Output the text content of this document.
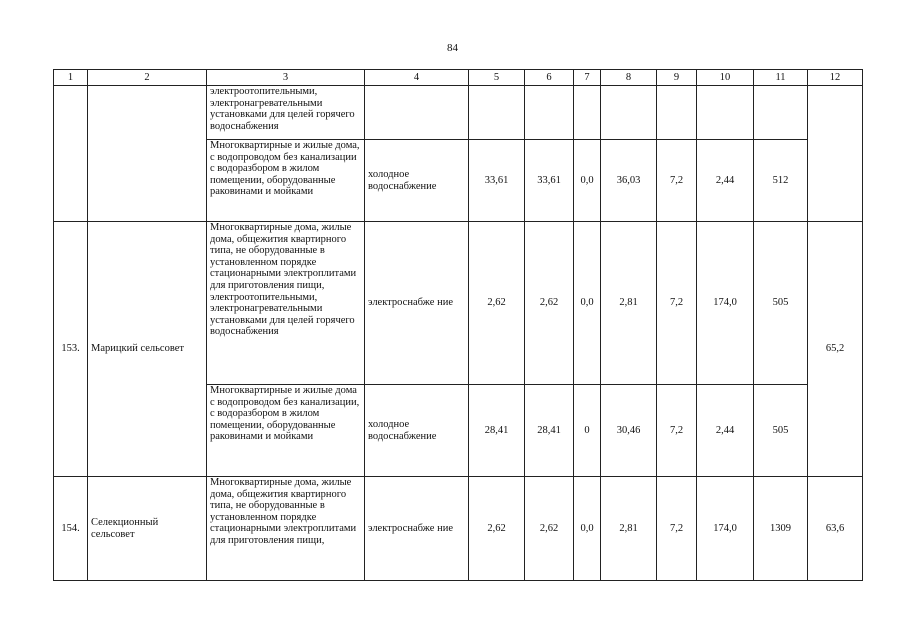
84
1	2	3	4	5	6	7	8	9	10	11	12
		электроотопительными, электронагревательными установками для целей горячего водоснабжения									
		Многоквартирные и жилые дома, с водопроводом без канализации с водоразбором в жилом помещении, оборудованные раковинами и мойками	холодное водоснабжение	33,61	33,61	0,0	36,03	7,2	2,44	512	
153.	Марицкий сельсовет	Многоквартирные дома, жилые дома, общежития квартирного типа, не оборудованные в установленном порядке стационарными электроплитами для приготовления пищи, электроотопительными, электронагревательными установками для целей горячего водоснабжения	электроснабже ние	2,62	2,62	0,0	2,81	7,2	174,0	505	65,2
		Многоквартирные и жилые дома с водопроводом без канализации, с водоразбором в жилом помещении, оборудованные раковинами и мойками	холодное водоснабжение	28,41	28,41	0	30,46	7,2	2,44	505	
154.	Селекционный сельсовет	Многоквартирные дома, жилые дома, общежития квартирного типа, не оборудованные в установленном порядке стационарными электроплитами для приготовления пищи,	электроснабже ние	2,62	2,62	0,0	2,81	7,2	174,0	1309	63,6
